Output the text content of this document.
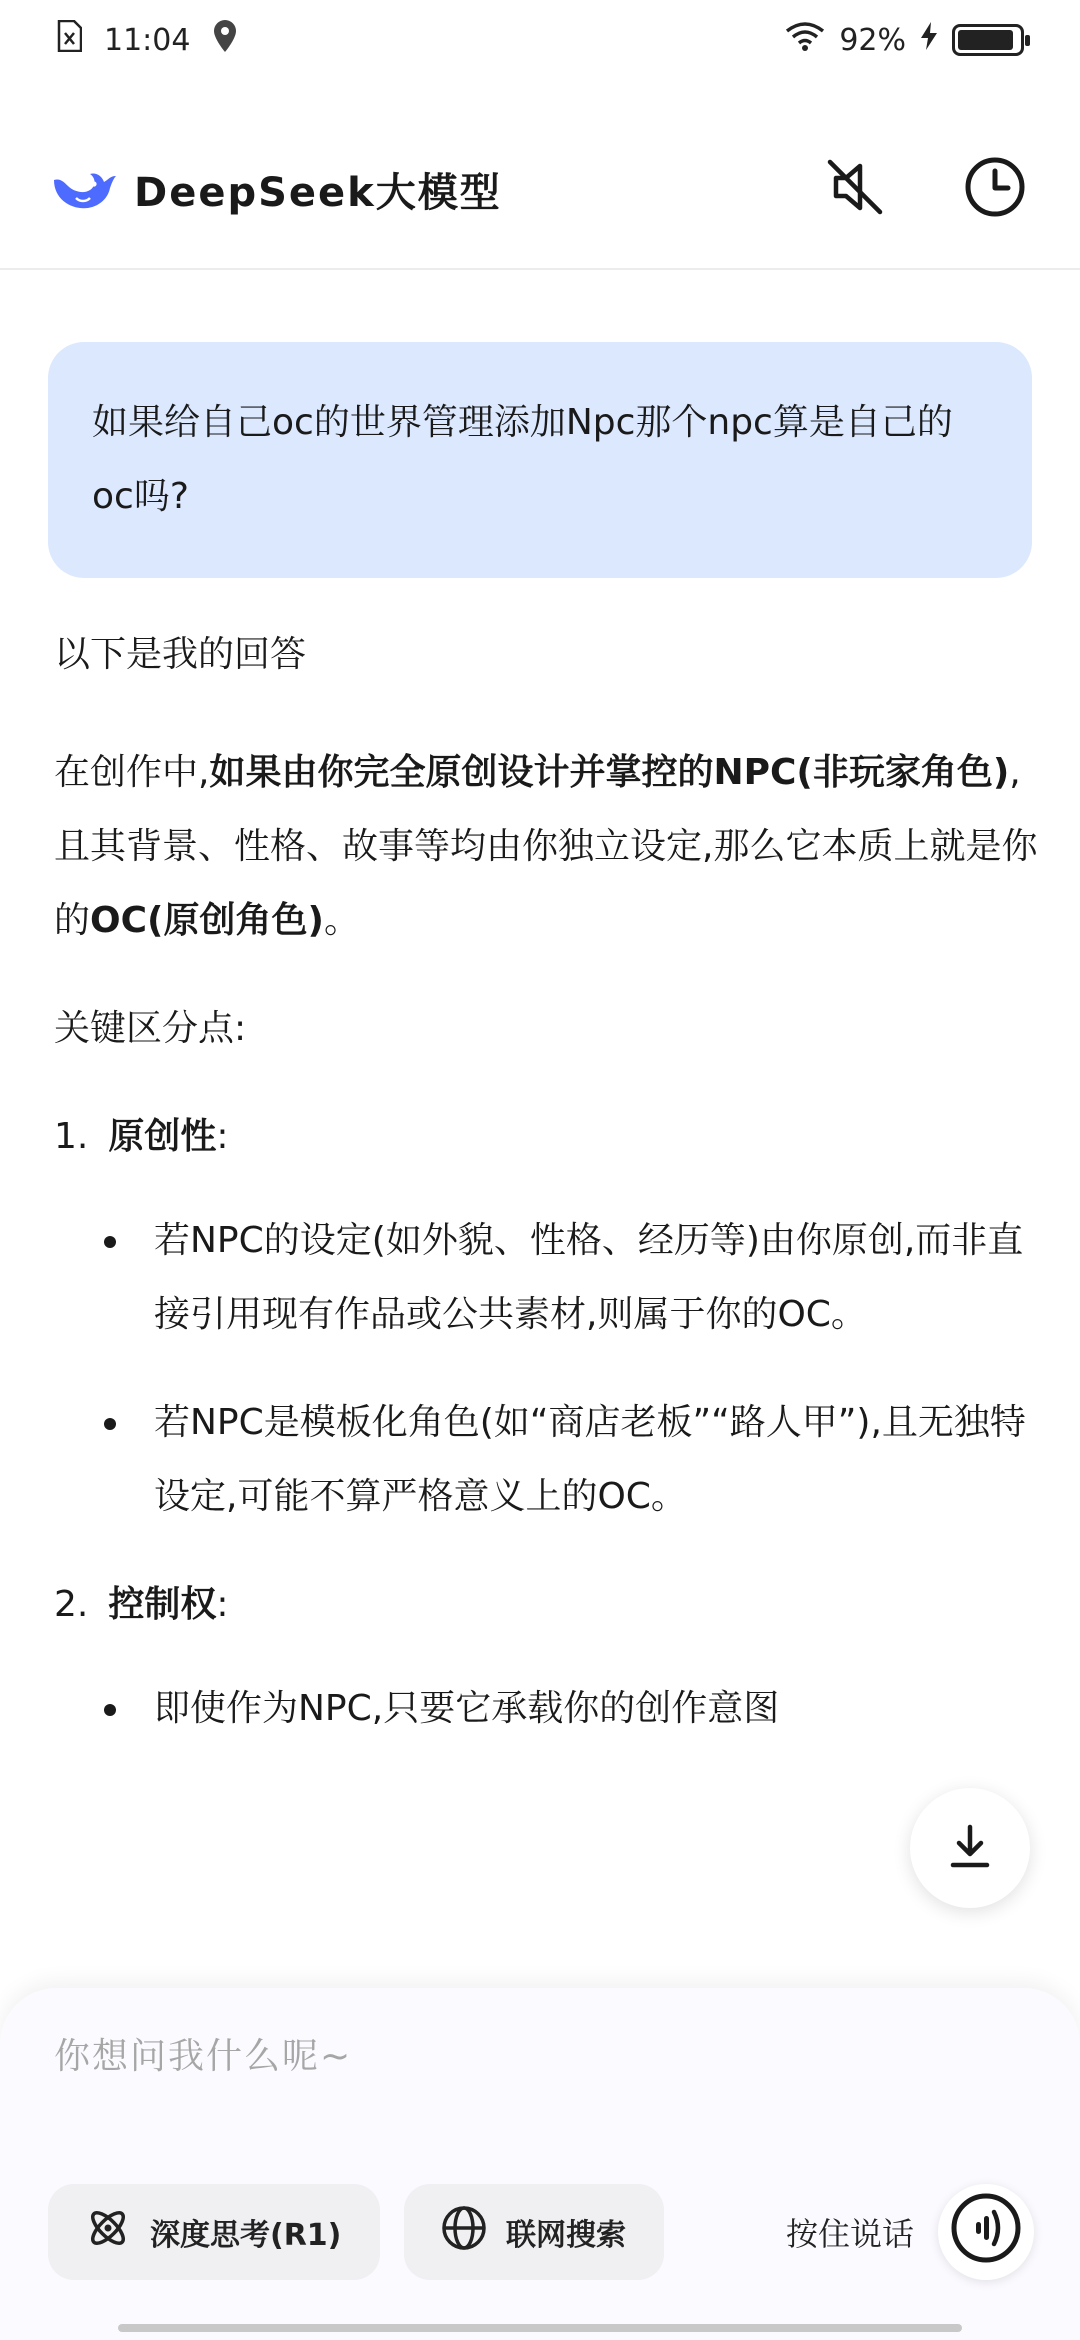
11:04	92%
DeepSeek大模型
如果给自己oc的世界管理添加Npc那个npc算是自己的oc吗?

以下是我的回答

在创作中,如果由你完全原创设计并掌控的NPC(非玩家角色),且其背景、性格、故事等均由你独立设定,那么它本质上就是你的OC(原创角色)。

关键区分点:

1. 原创性:
若NPC的设定(如外貌、性格、经历等)由你原创,而非直接引用现有作品或公共素材,则属于你的OC。
若NPC是模板化角色(如“商店老板”“路人甲”),且无独特设定,可能不算严格意义上的OC。
2. 控制权:
即使作为NPC,只要它承载你的创作意图
你想问我什么呢~
深度思考(R1)	联网搜索	按住说话
